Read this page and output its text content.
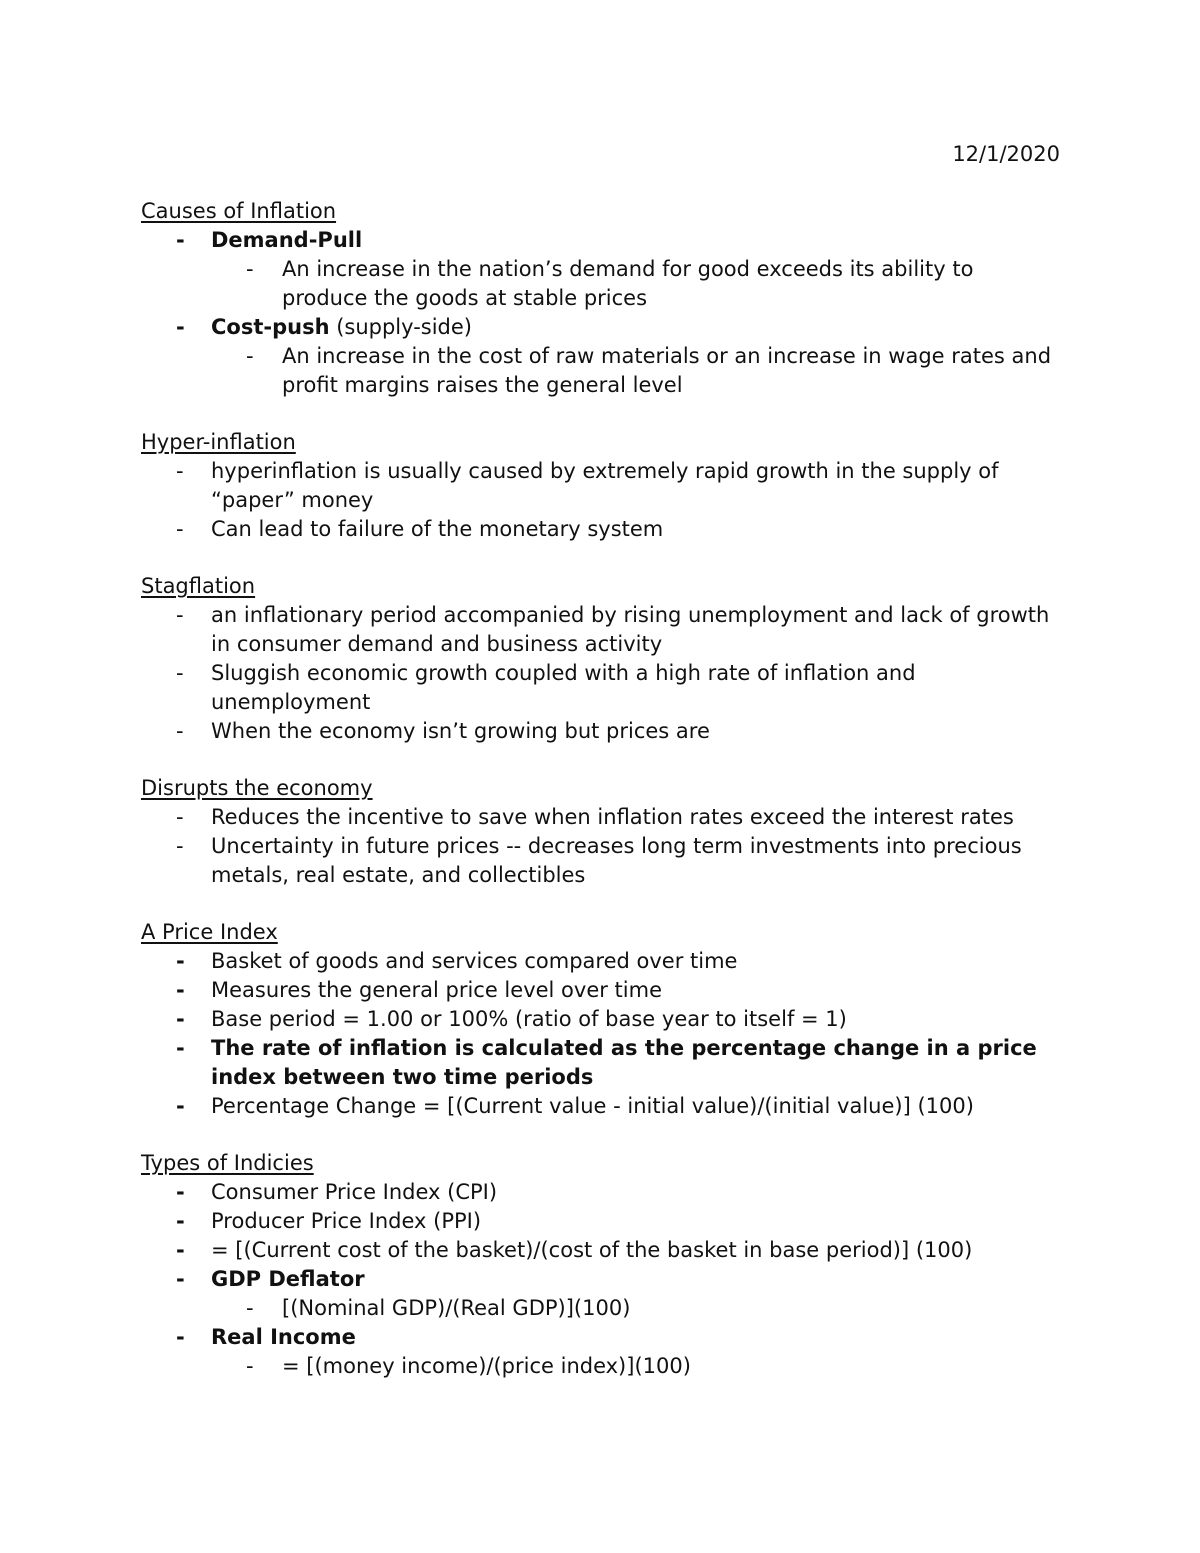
12/1/2020
Causes of Inflation
- Demand-Pull
- An increase in the nation’s demand for good exceeds its ability to produce the goods at stable prices
- Cost-push (supply-side)
- An increase in the cost of raw materials or an increase in wage rates and profit margins raises the general level
Hyper-inflation
- hyperinflation is usually caused by extremely rapid growth in the supply of “paper” money
- Can lead to failure of the monetary system
Stagflation
- an inflationary period accompanied by rising unemployment and lack of growth in consumer demand and business activity
- Sluggish economic growth coupled with a high rate of inflation and unemployment
- When the economy isn’t growing but prices are
Disrupts the economy
- Reduces the incentive to save when inflation rates exceed the interest rates
- Uncertainty in future prices -- decreases long term investments into precious metals, real estate, and collectibles
A Price Index
- Basket of goods and services compared over time
- Measures the general price level over time
- Base period = 1.00 or 100% (ratio of base year to itself = 1)
- The rate of inflation is calculated as the percentage change in a price index between two time periods
- Percentage Change = [(Current value - initial value)/(initial value)] (100)
Types of Indicies
- Consumer Price Index (CPI)
- Producer Price Index (PPI)
- = [(Current cost of the basket)/(cost of the basket in base period)] (100)
- GDP Deflator
- [(Nominal GDP)/(Real GDP)](100)
- Real Income
- = [(money income)/(price index)](100)
